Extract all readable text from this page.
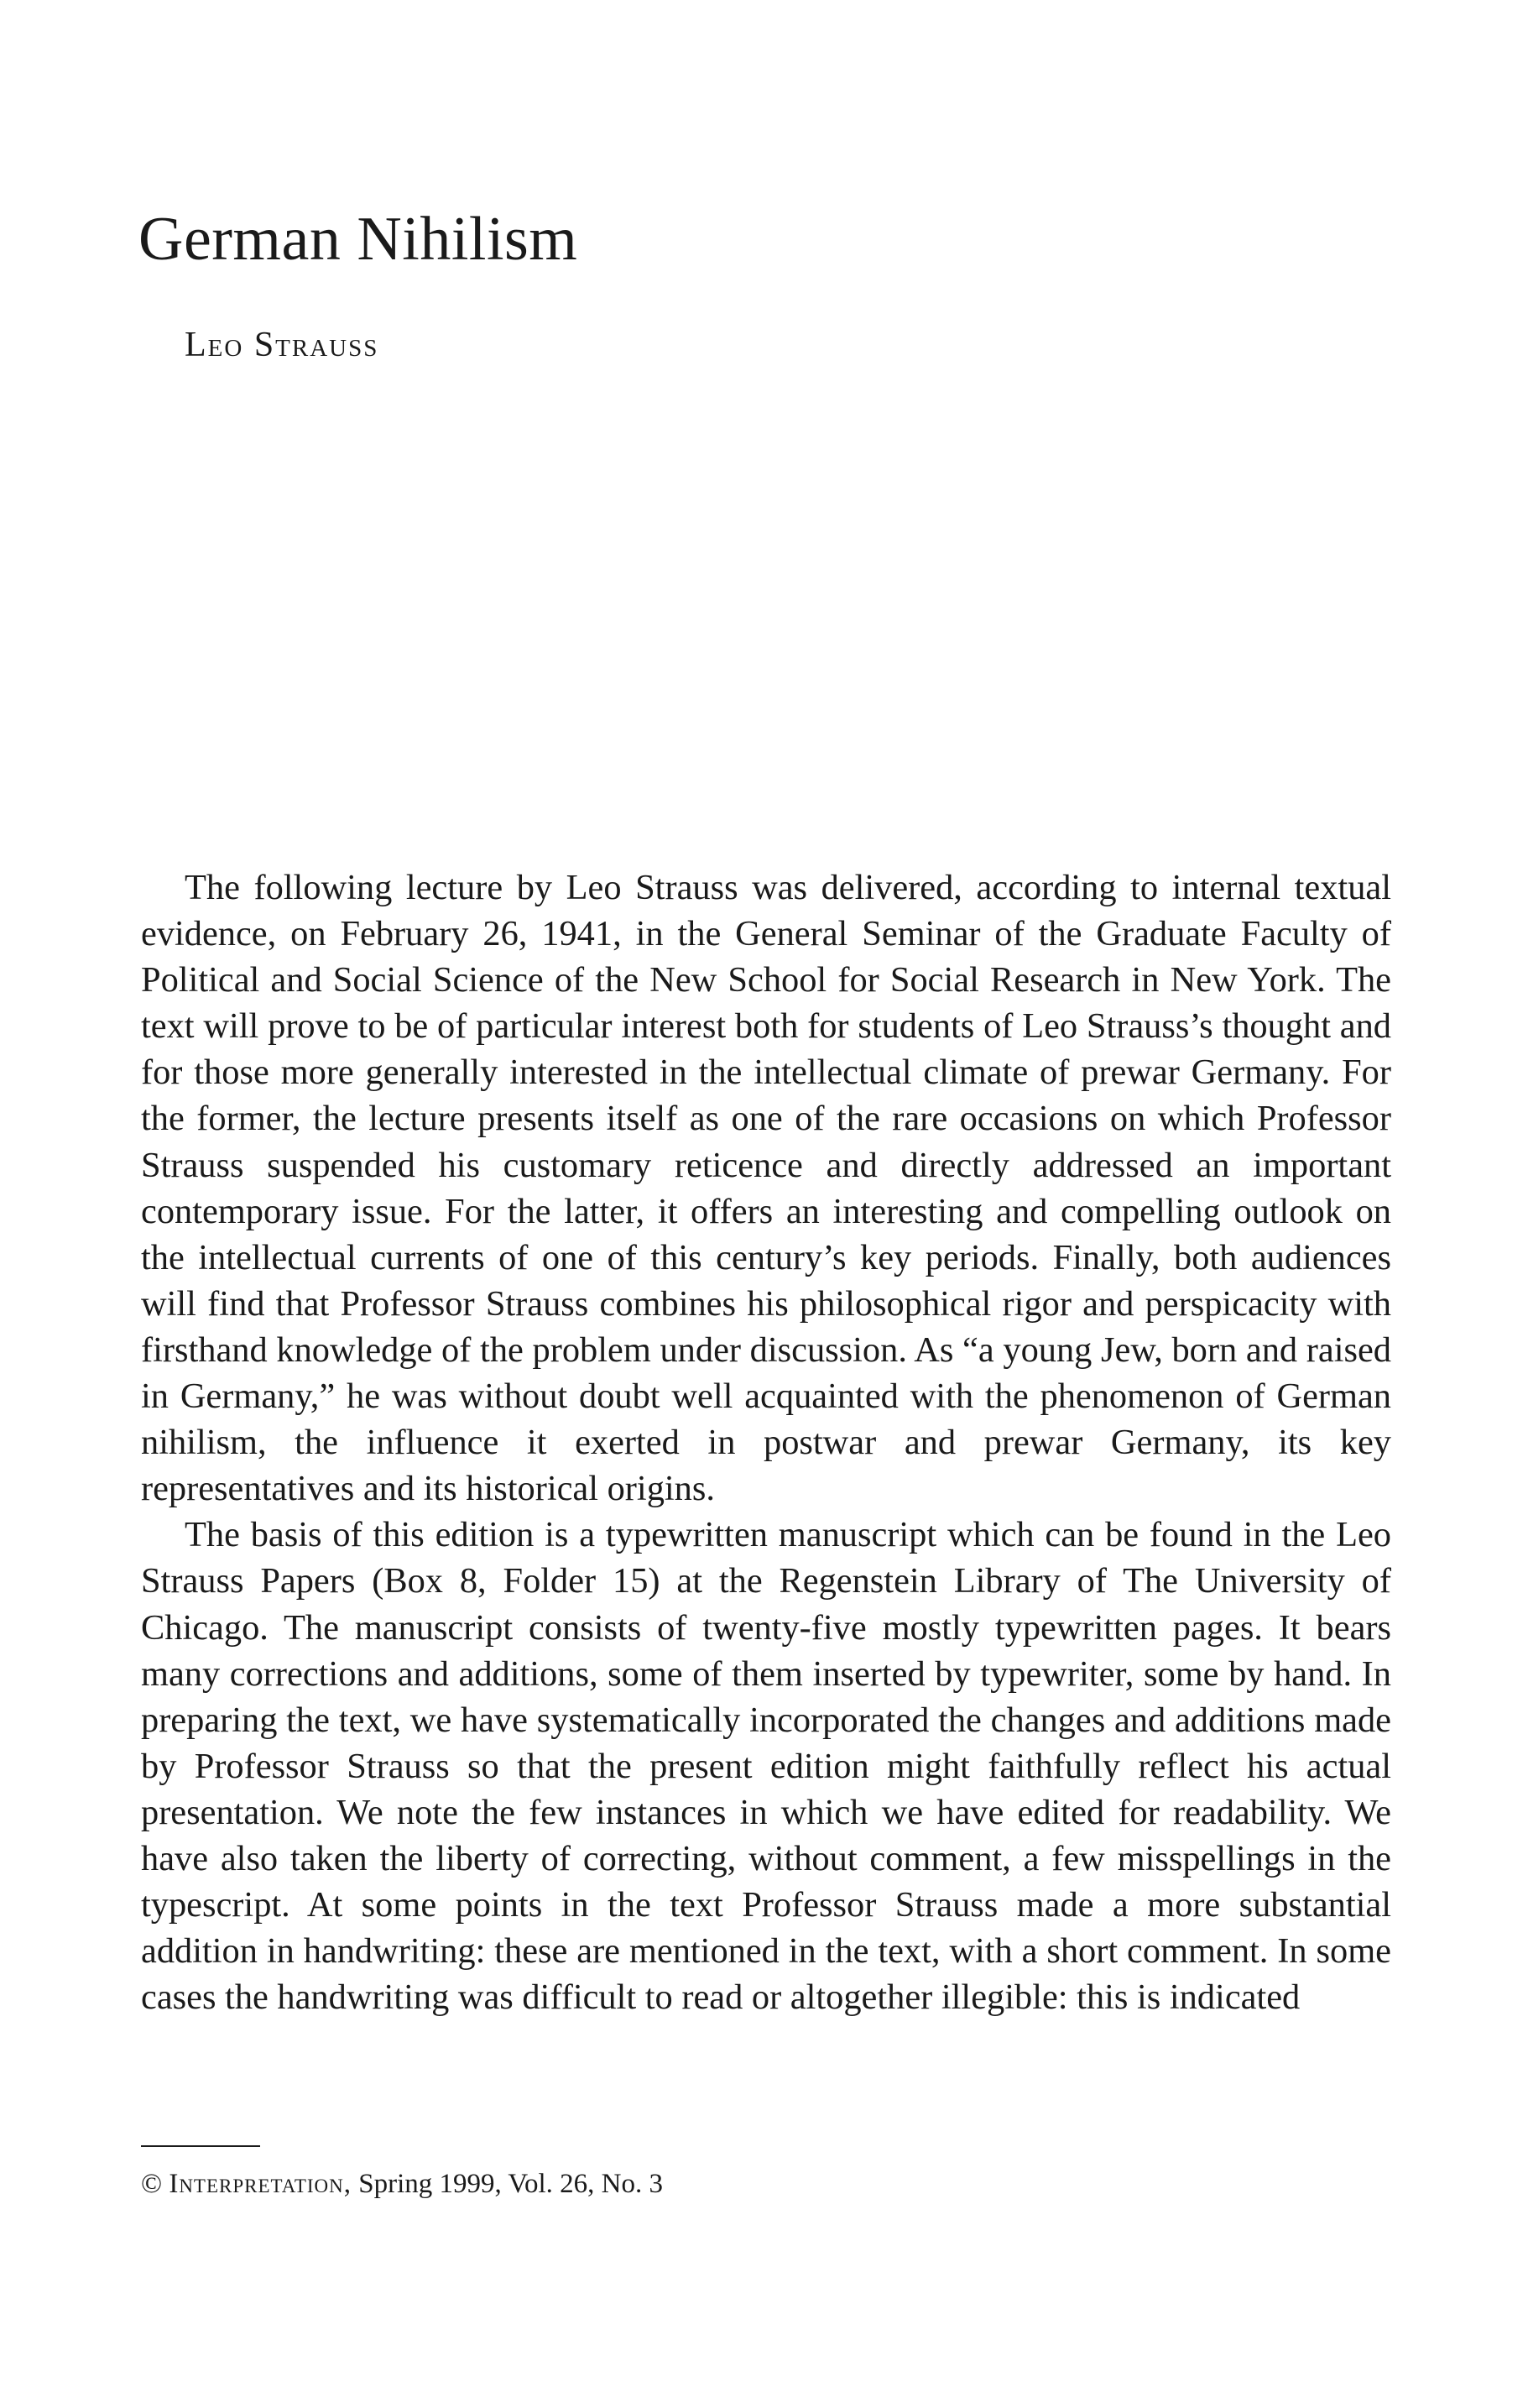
German Nihilism
Leo Strauss

The following lecture by Leo Strauss was delivered, according to internal textual evidence, on February 26, 1941, in the General Seminar of the Graduate Faculty of Political and Social Science of the New School for Social Research in New York. The text will prove to be of particular interest both for students of Leo Strauss’s thought and for those more generally interested in the intellectual climate of prewar Germany. For the former, the lecture presents itself as one of the rare occasions on which Professor Strauss suspended his customary reticence and directly addressed an important contemporary issue. For the latter, it offers an interesting and compelling outlook on the intellectual currents of one of this century’s key periods. Finally, both audiences will find that Professor Strauss combines his philosophical rigor and perspicacity with firsthand knowledge of the problem under discussion. As “a young Jew, born and raised in Germany,” he was without doubt well acquainted with the phenomenon of German nihilism, the influence it exerted in postwar and prewar Germany, its key representatives and its historical origins.

The basis of this edition is a typewritten manuscript which can be found in the Leo Strauss Papers (Box 8, Folder 15) at the Regenstein Library of The University of Chicago. The manuscript consists of twenty-five mostly typewritten pages. It bears many corrections and additions, some of them inserted by typewriter, some by hand. In preparing the text, we have systematically incorporated the changes and additions made by Professor Strauss so that the present edition might faithfully reflect his actual presentation. We note the few instances in which we have edited for readability. We have also taken the liberty of correcting, without comment, a few misspellings in the typescript. At some points in the text Professor Strauss made a more substantial addition in handwriting: these are mentioned in the text, with a short comment. In some cases the handwriting was difficult to read or altogether illegible: this is indicated

© Interpretation, Spring 1999, Vol. 26, No. 3
